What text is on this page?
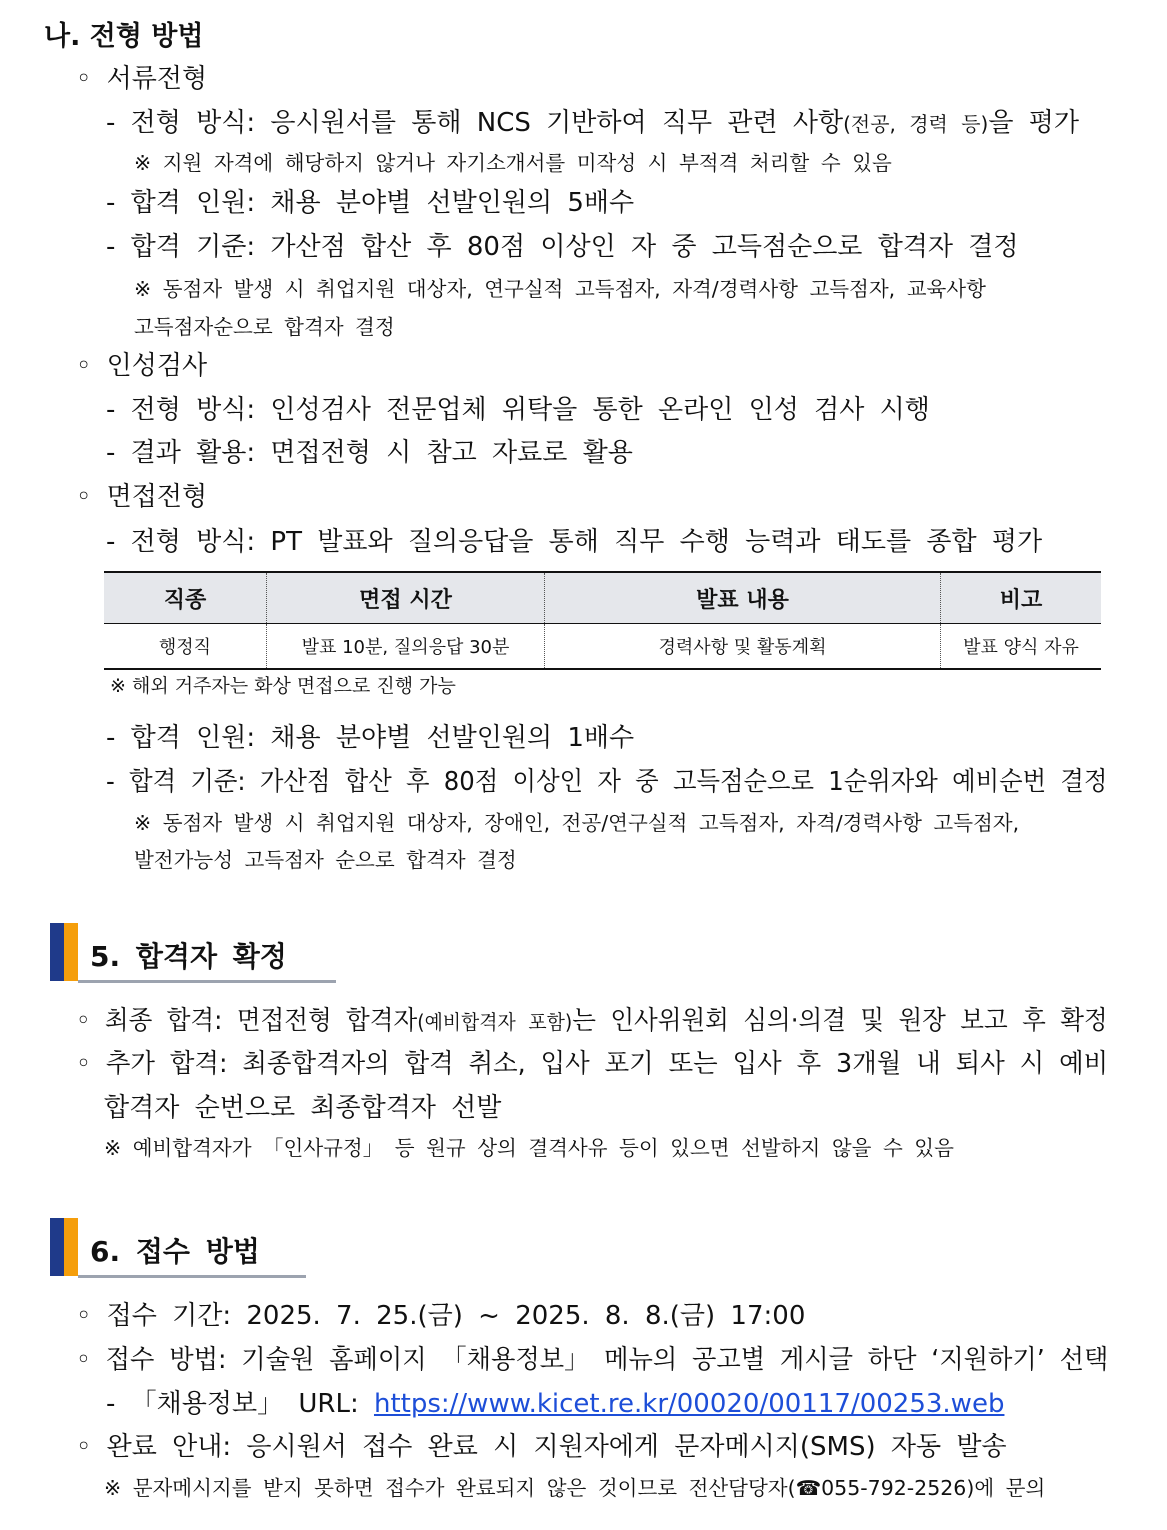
나. 전형 방법
◦ 서류전형
- 전형 방식: 응시원서를 통해 NCS 기반하여 직무 관련 사항(전공, 경력 등)을 평가
※ 지원 자격에 해당하지 않거나 자기소개서를 미작성 시 부적격 처리할 수 있음
- 합격 인원: 채용 분야별 선발인원의 5배수
- 합격 기준: 가산점 합산 후 80점 이상인 자 중 고득점순으로 합격자 결정
※ 동점자 발생 시 취업지원 대상자, 연구실적 고득점자, 자격/경력사항 고득점자, 교육사항
고득점자순으로 합격자 결정
◦ 인성검사
- 전형 방식: 인성검사 전문업체 위탁을 통한 온라인 인성 검사 시행
- 결과 활용: 면접전형 시 참고 자료로 활용
◦ 면접전형
- 전형 방식: PT 발표와 질의응답을 통해 직무 수행 능력과 태도를 종합 평가
직종	면접 시간	발표 내용	비고
행정직	발표 10분, 질의응답 30분	경력사항 및 활동계획	발표 양식 자유
※ 해외 거주자는 화상 면접으로 진행 가능
- 합격 인원: 채용 분야별 선발인원의 1배수
- 합격 기준: 가산점 합산 후 80점 이상인 자 중 고득점순으로 1순위자와 예비순번 결정
※ 동점자 발생 시 취업지원 대상자, 장애인, 전공/연구실적 고득점자, 자격/경력사항 고득점자,
발전가능성 고득점자 순으로 합격자 결정
5. 합격자 확정
◦ 최종 합격: 면접전형 합격자(예비합격자 포함)는 인사위원회 심의·의결 및 원장 보고 후 확정
◦ 추가 합격: 최종합격자의 합격 취소, 입사 포기 또는 입사 후 3개월 내 퇴사 시 예비
합격자 순번으로 최종합격자 선발
※ 예비합격자가 「인사규정」 등 원규 상의 결격사유 등이 있으면 선발하지 않을 수 있음
6. 접수 방법
◦ 접수 기간: 2025. 7. 25.(금) ~ 2025. 8. 8.(금) 17:00
◦ 접수 방법: 기술원 홈페이지 「채용정보」 메뉴의 공고별 게시글 하단 ‘지원하기’ 선택
- 「채용정보」 URL: https://www.kicet.re.kr/00020/00117/00253.web
◦ 완료 안내: 응시원서 접수 완료 시 지원자에게 문자메시지(SMS) 자동 발송
※ 문자메시지를 받지 못하면 접수가 완료되지 않은 것이므로 전산담당자(☎055-792-2526)에 문의
